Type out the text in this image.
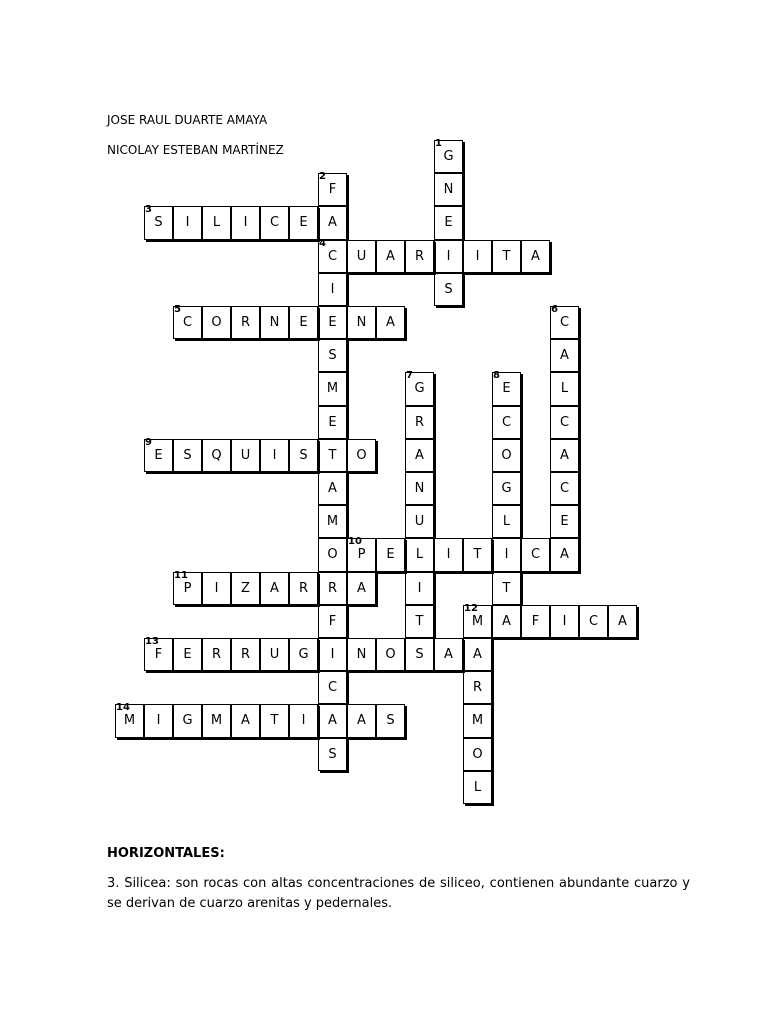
JOSE RAUL DUARTE AMAYA
NICOLAY ESTEBAN MARTÍNEZ	G
1
N
E
I
S
F
2
A
C
4
I
E
S
M
E
T
A
M
O
R
F
I
C
A
S
S
3
I L I C E
U A R	I T A
C
5
O R N E	N A	C
6
A
L
C
A
C
E
G
7
R
A
N
U
L
I
T
E
8
C
O
G
L
I
T
E
9
S Q U I S	O
P
10
E	I T	C A
P
11
I Z A R	A
M
12
A F I C A
A
R
M
O
L
F
13
E R R U G	N O S A
M
14
I G M A T I	A S
HORIZONTALES:
3. Silicea: son rocas con altas concentraciones de siliceo, contienen abundante cuarzo y se derivan de cuarzo arenitas y pedernales.
